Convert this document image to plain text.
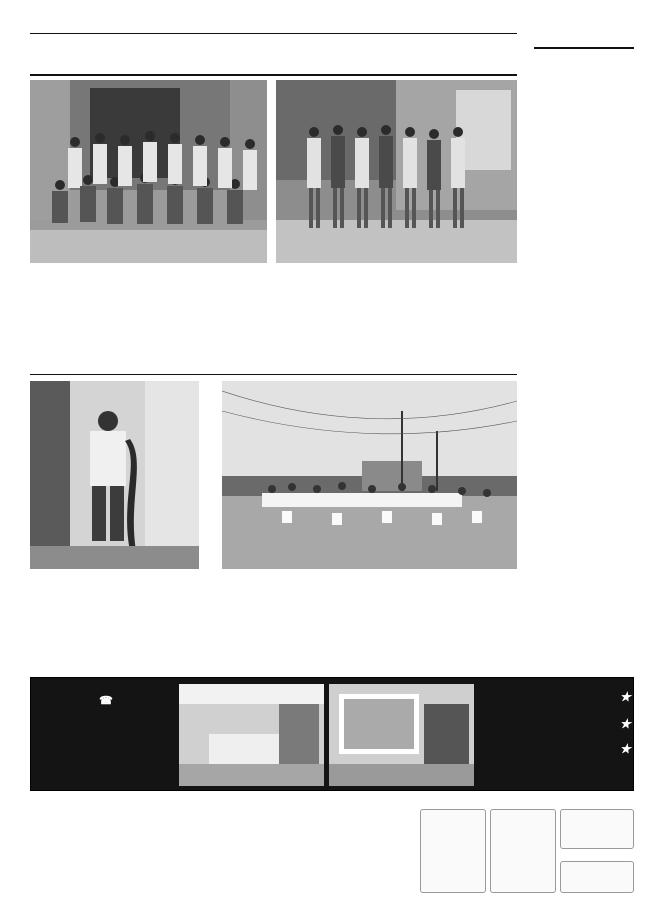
☎	★
★
★
